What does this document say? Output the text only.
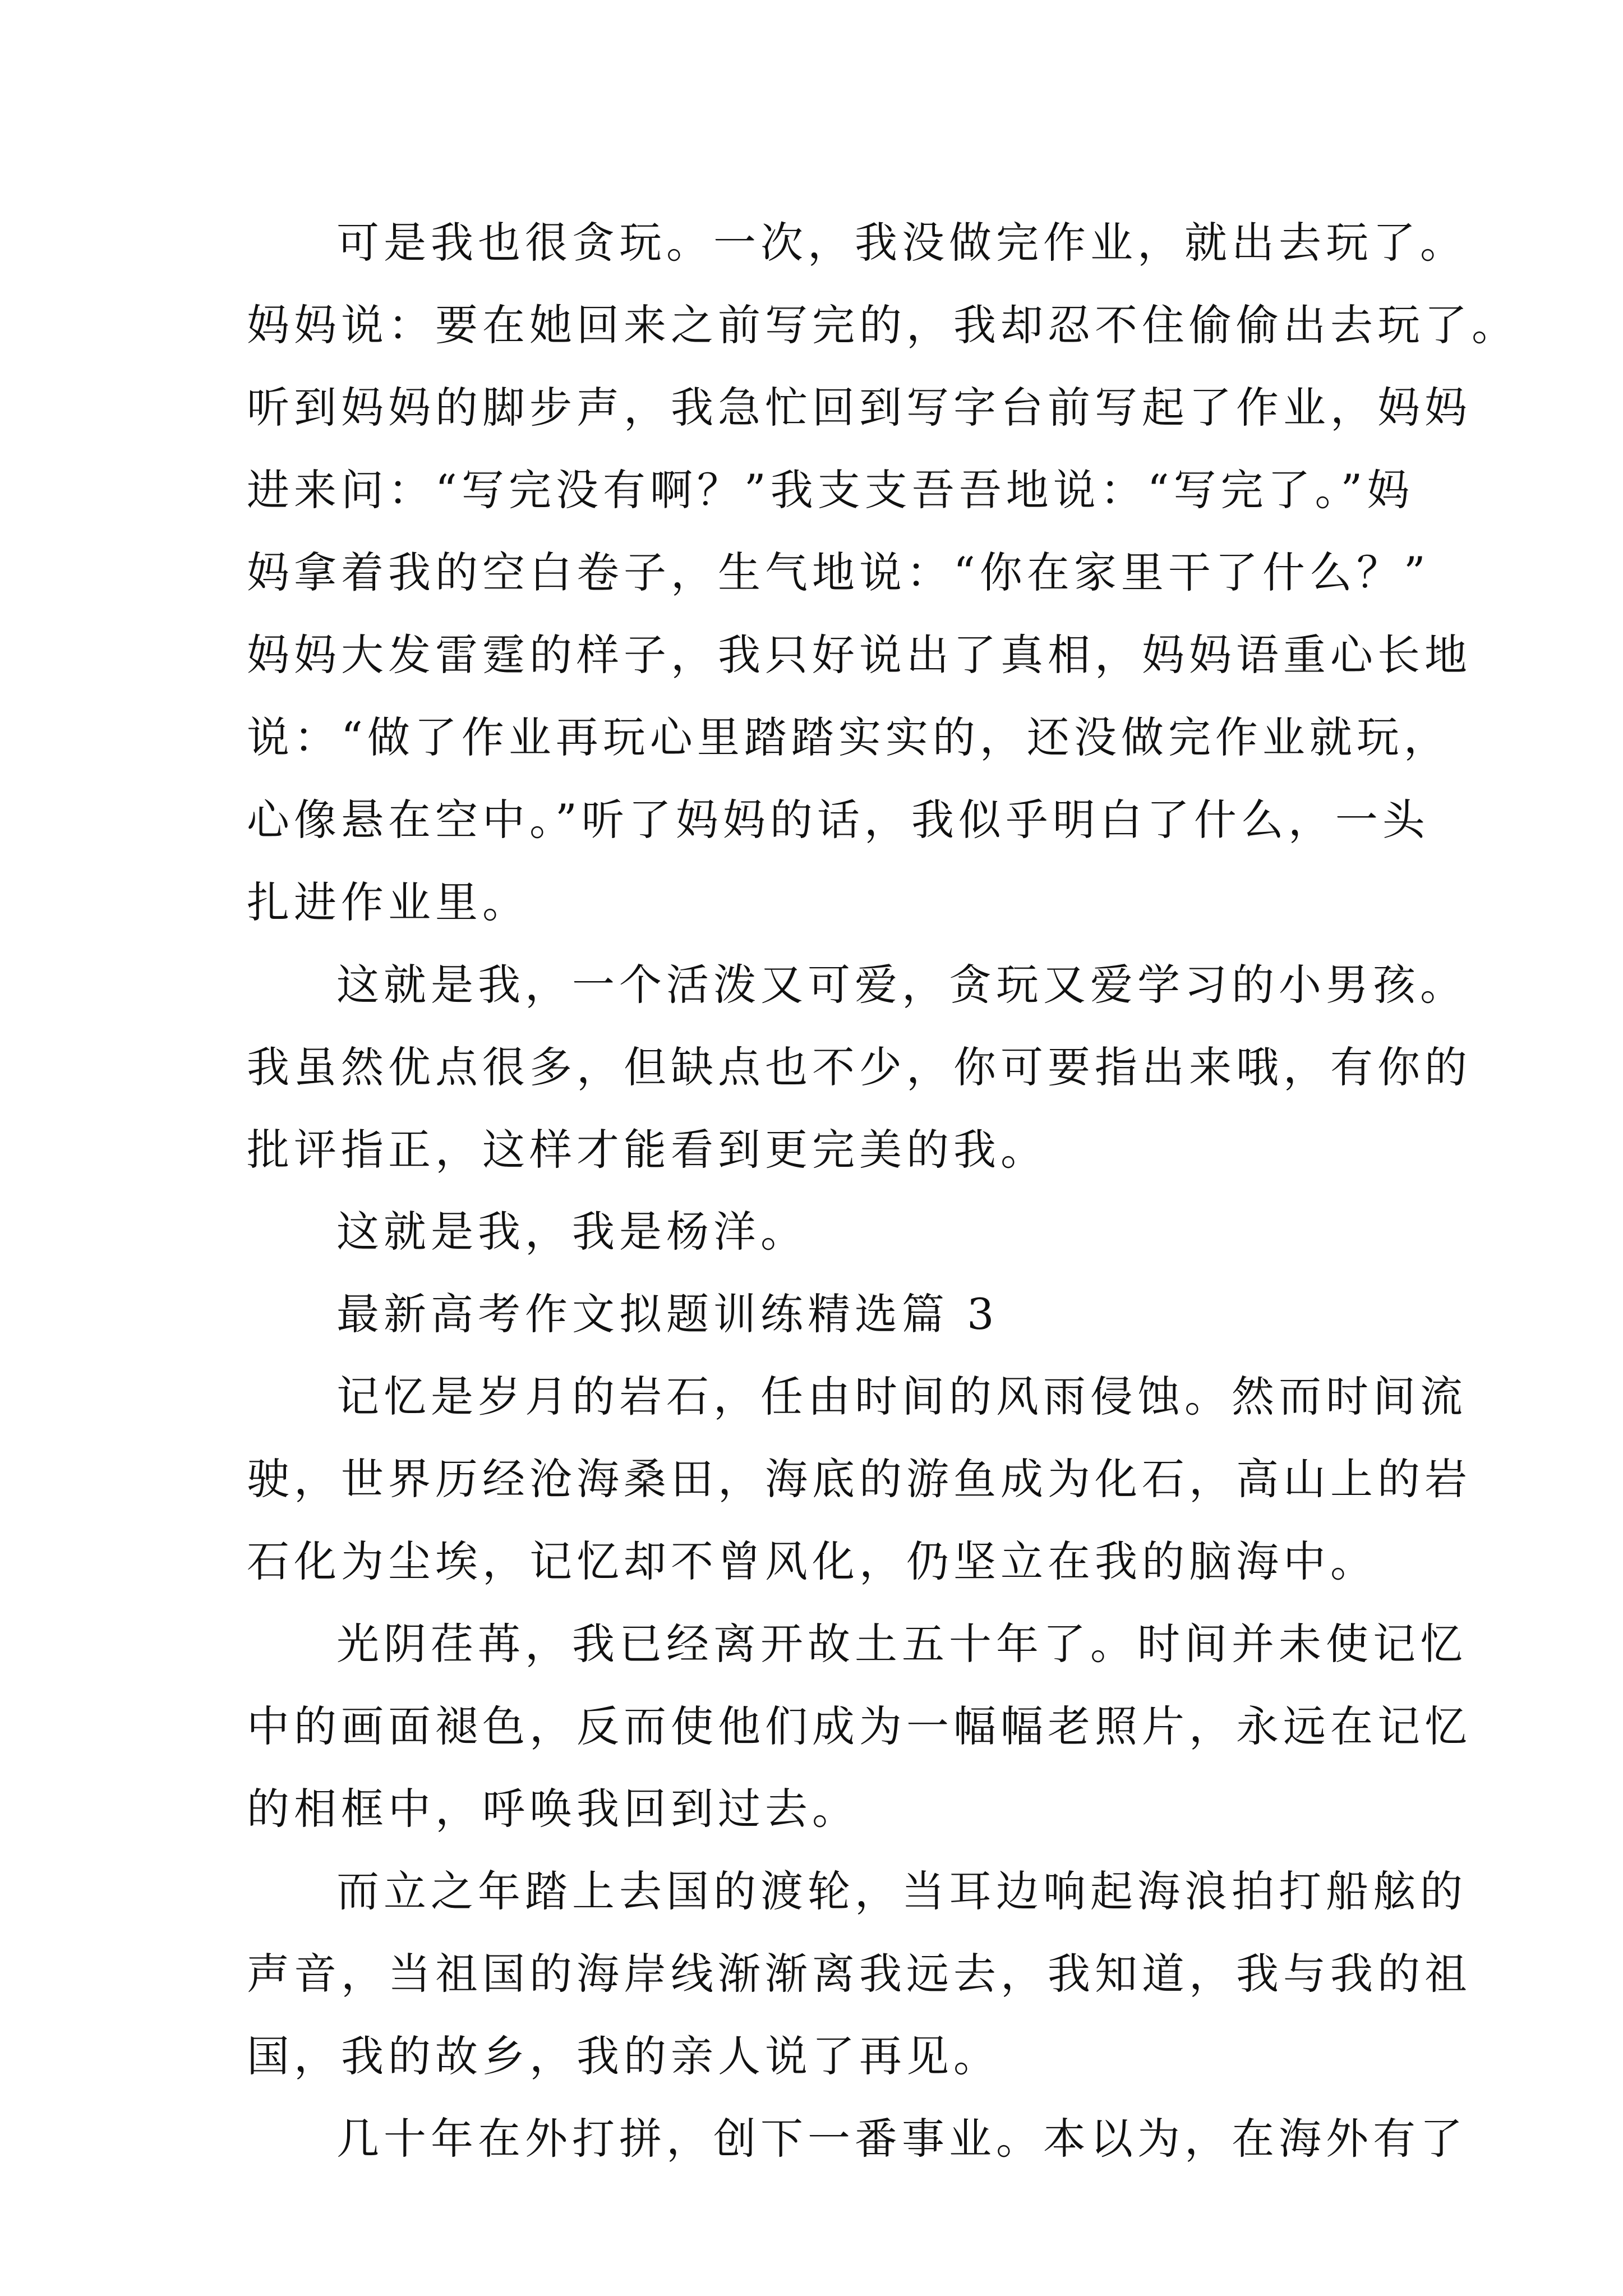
可是我也很贪玩。一次，我没做完作业，就出去玩了。
妈妈说：要在她回来之前写完的，我却忍不住偷偷出去玩了。
听到妈妈的脚步声，我急忙回到写字台前写起了作业，妈妈
进来问：“写完没有啊？”我支支吾吾地说：“写完了。”妈
妈拿着我的空白卷子，生气地说：“你在家里干了什么？”
妈妈大发雷霆的样子，我只好说出了真相，妈妈语重心长地
说：“做了作业再玩心里踏踏实实的，还没做完作业就玩，
心像悬在空中。”听了妈妈的话，我似乎明白了什么，一头
扎进作业里。
这就是我，一个活泼又可爱，贪玩又爱学习的小男孩。
我虽然优点很多，但缺点也不少，你可要指出来哦，有你的
批评指正，这样才能看到更完美的我。
这就是我，我是杨洋。
最新高考作文拟题训练精选篇 3
记忆是岁月的岩石，任由时间的风雨侵蚀。然而时间流
驶，世界历经沧海桑田，海底的游鱼成为化石，高山上的岩
石化为尘埃，记忆却不曾风化，仍坚立在我的脑海中。
光阴荏苒，我已经离开故土五十年了。时间并未使记忆
中的画面褪色，反而使他们成为一幅幅老照片，永远在记忆
的相框中，呼唤我回到过去。
而立之年踏上去国的渡轮，当耳边响起海浪拍打船舷的
声音，当祖国的海岸线渐渐离我远去，我知道，我与我的祖
国，我的故乡，我的亲人说了再见。
几十年在外打拼，创下一番事业。本以为，在海外有了
